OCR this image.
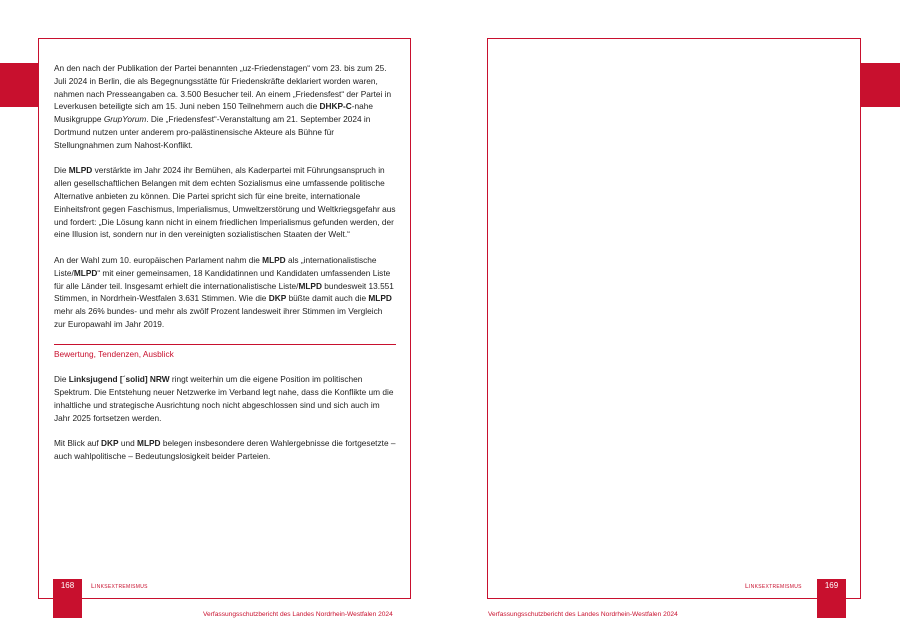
An den nach der Publikation der Partei benannten „uz-Friedenstagen“ vom 23. bis zum 25. Juli 2024 in Berlin, die als Begegnungsstätte für Friedenskräfte deklariert worden waren, nahmen nach Presseangaben ca. 3.500 Besucher teil. An einem „Friedensfest“ der Partei in Leverkusen beteiligte sich am 15. Juni neben 150 Teilnehmern auch die DHKP-C-nahe Musikgruppe GrupYorum. Die „Friedensfest“-Veranstaltung am 21. September 2024 in Dortmund nutzen unter anderem pro-palästinensische Akteure als Bühne für Stellungnahmen zum Nahost-Konflikt.

Die MLPD verstärkte im Jahr 2024 ihr Bemühen, als Kaderpartei mit Führungsanspruch in allen gesellschaftlichen Belangen mit dem echten Sozialismus eine umfassende politische Alternative anbieten zu können. Die Partei spricht sich für eine breite, internationale Einheitsfront gegen Faschismus, Imperialismus, Umweltzerstörung und Weltkriegsgefahr aus und fordert: „Die Lösung kann nicht in einem friedlichen Imperialismus gefunden werden, der eine Illusion ist, sondern nur in den vereinigten sozialistischen Staaten der Welt.“

An der Wahl zum 10. europäischen Parlament nahm die MLPD als „internationalistische Liste/MLPD“ mit einer gemeinsamen, 18 Kandidatinnen und Kandidaten umfassenden Liste für alle Länder teil. Insgesamt erhielt die internationalistische Liste/MLPD bundesweit 13.551 Stimmen, in Nordrhein-Westfalen 3.631 Stimmen. Wie die DKP büßte damit auch die MLPD mehr als 26% bundes- und mehr als zwölf Prozent landesweit ihrer Stimmen im Vergleich zur Europawahl im Jahr 2019.

Bewertung, Tendenzen, Ausblick

Die Linksjugend [´solid] NRW ringt weiterhin um die eigene Position im politischen Spektrum. Die Entstehung neuer Netzwerke im Verband legt nahe, dass die Konflikte um die inhaltliche und strategische Ausrichtung noch nicht abgeschlossen sind und sich auch im Jahr 2025 fortsetzen werden.

Mit Blick auf DKP und MLPD belegen insbesondere deren Wahlergebnisse die fortgesetzte – auch wahlpolitische – Bedeutungslosigkeit beider Parteien.

168	Linksextremismus
Verfassungsschutzbericht des Landes Nordrhein-Westfalen 2024
169
Linksextremismus
Verfassungsschutzbericht des Landes Nordrhein-Westfalen 2024
